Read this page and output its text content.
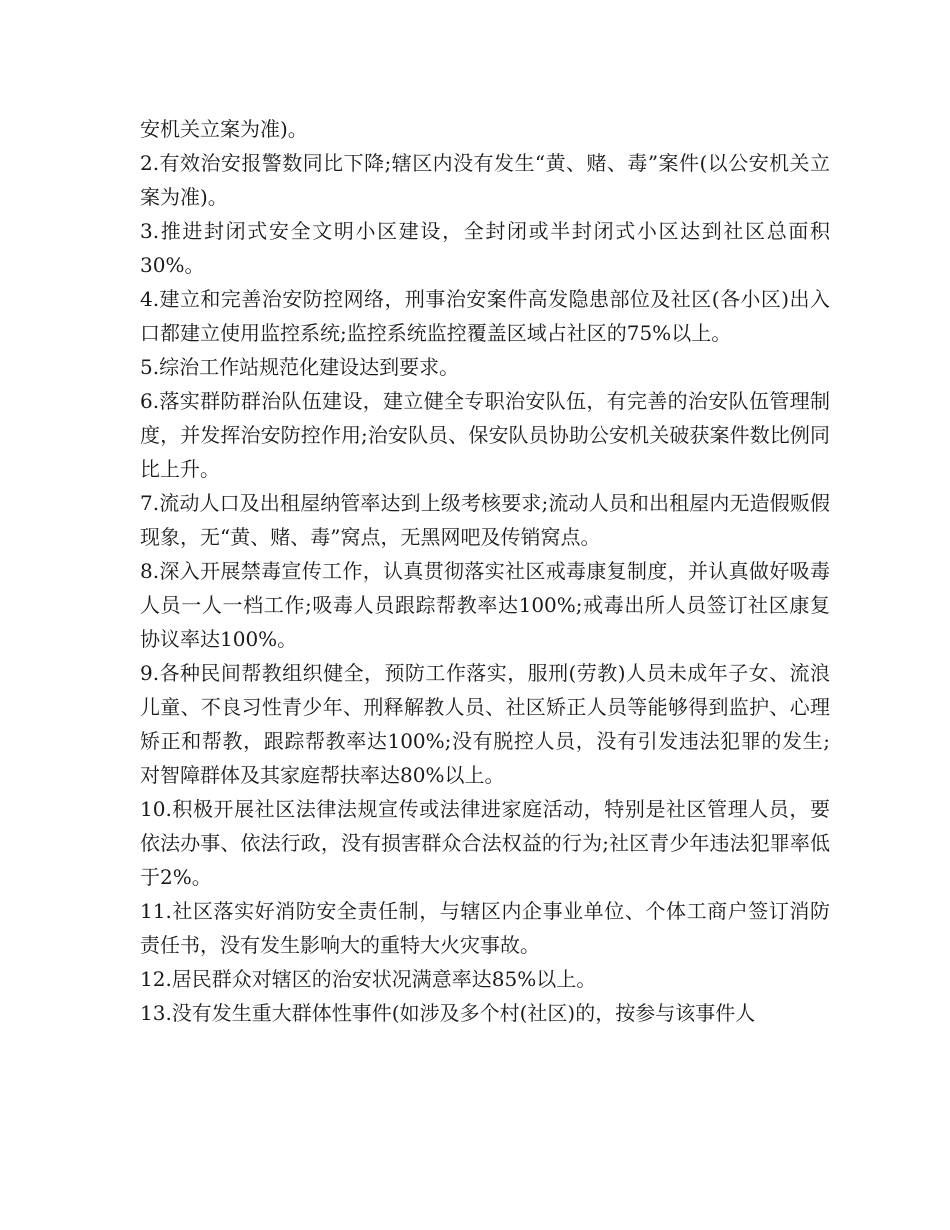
安机关立案为准)。

2.有效治安报警数同比下降;辖区内没有发生“黄、赌、毒”案件(以公安机关立案为准)。

3.推进封闭式安全文明小区建设，全封闭或半封闭式小区达到社区总面积30%。

4.建立和完善治安防控网络，刑事治安案件高发隐患部位及社区(各小区)出入口都建立使用监控系统;监控系统监控覆盖区域占社区的75%以上。

5.综治工作站规范化建设达到要求。

6.落实群防群治队伍建设，建立健全专职治安队伍，有完善的治安队伍管理制度，并发挥治安防控作用;治安队员、保安队员协助公安机关破获案件数比例同比上升。

7.流动人口及出租屋纳管率达到上级考核要求;流动人员和出租屋内无造假贩假现象，无“黄、赌、毒”窝点，无黑网吧及传销窝点。

8.深入开展禁毒宣传工作，认真贯彻落实社区戒毒康复制度，并认真做好吸毒人员一人一档工作;吸毒人员跟踪帮教率达100%;戒毒出所人员签订社区康复协议率达100%。

9.各种民间帮教组织健全，预防工作落实，服刑(劳教)人员未成年子女、流浪儿童、不良习性青少年、刑释解教人员、社区矫正人员等能够得到监护、心理矫正和帮教，跟踪帮教率达100%;没有脱控人员，没有引发违法犯罪的发生;对智障群体及其家庭帮扶率达80%以上。

10.积极开展社区法律法规宣传或法律进家庭活动，特别是社区管理人员，要依法办事、依法行政，没有损害群众合法权益的行为;社区青少年违法犯罪率低于2%。

11.社区落实好消防安全责任制，与辖区内企事业单位、个体工商户签订消防责任书，没有发生影响大的重特大火灾事故。

12.居民群众对辖区的治安状况满意率达85%以上。

13.没有发生重大群体性事件(如涉及多个村(社区)的，按参与该事件人
